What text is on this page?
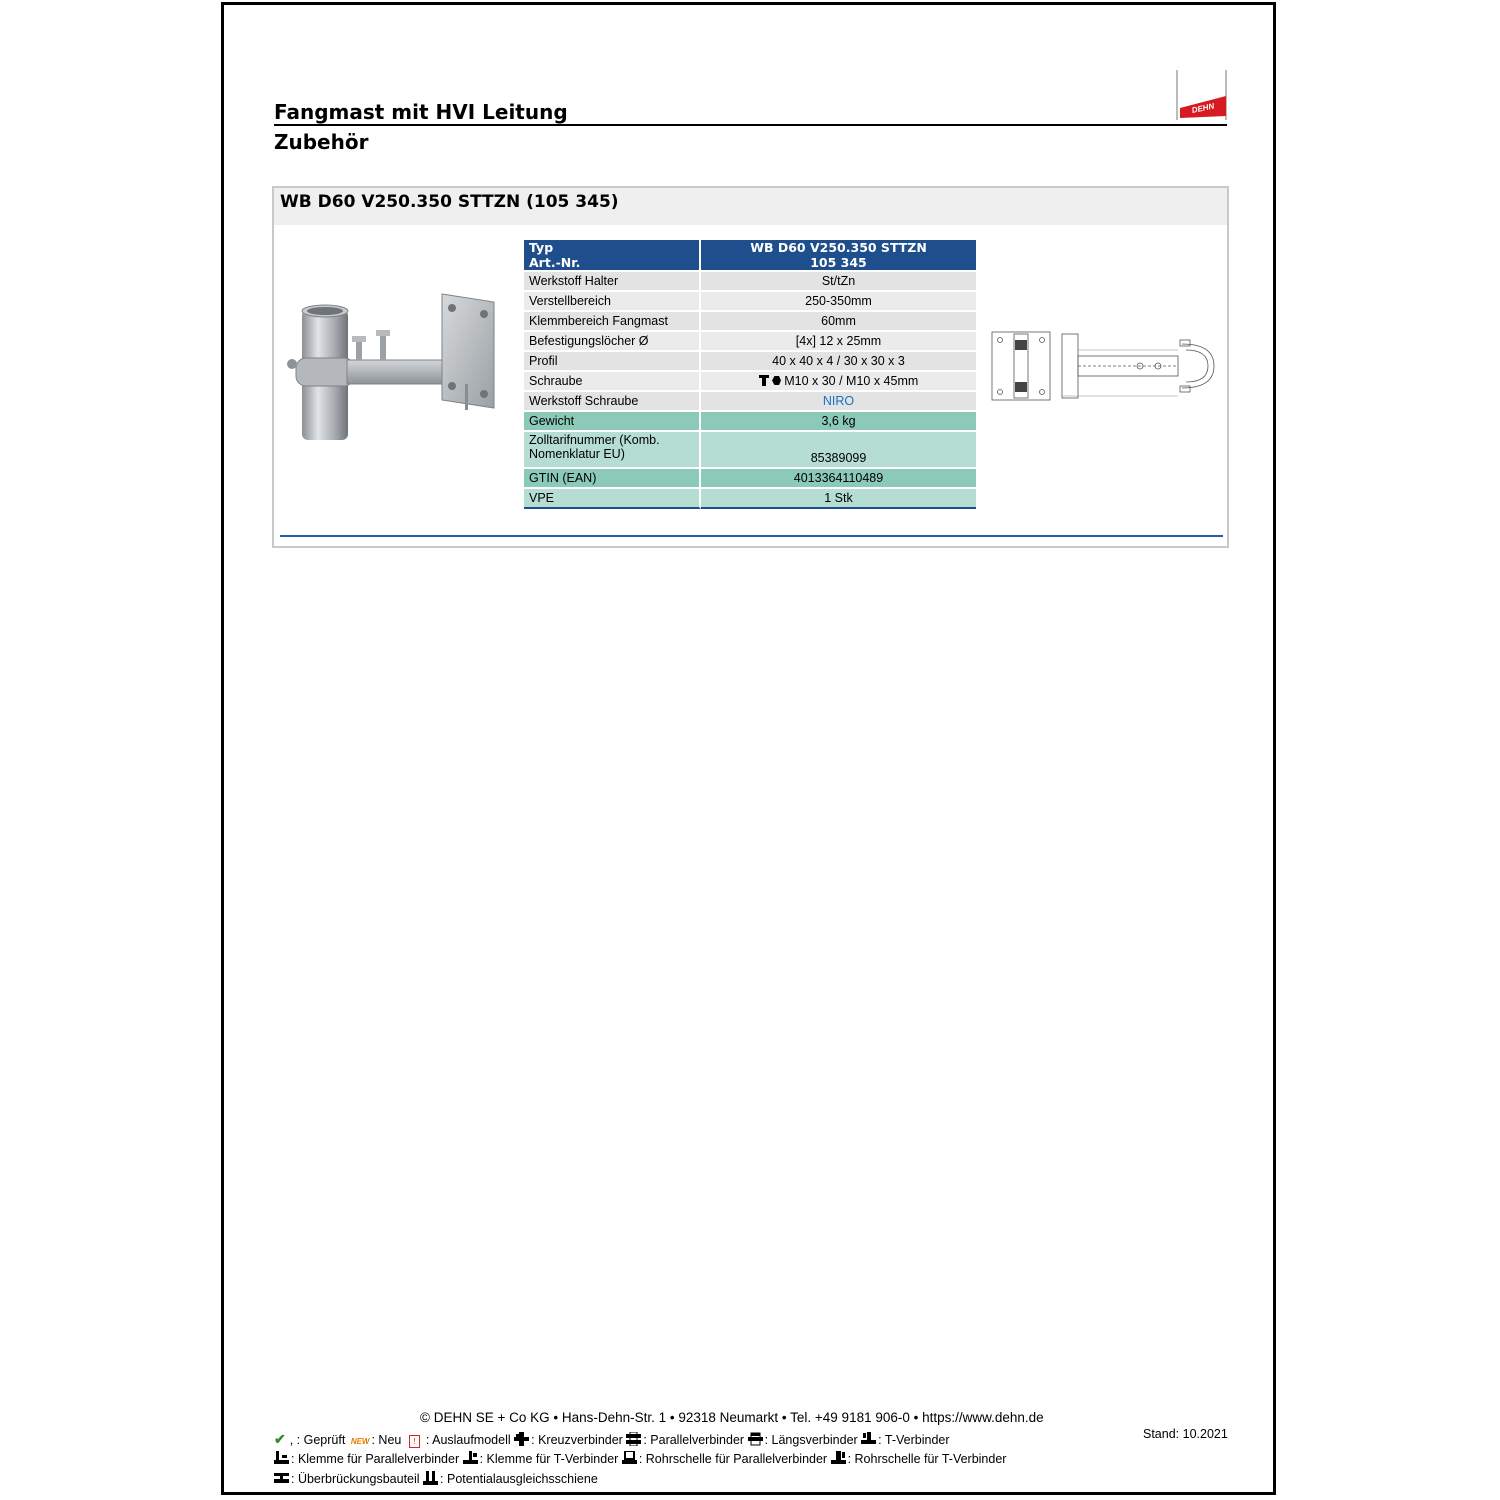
Fangmast mit HVI Leitung
Zubehör
DEHN
WB D60 V250.350 STTZN (105 345)
Typ	WB D60 V250.350 STTZN
Art.-Nr.	105 345
Werkstoff Halter	St/tZn
Verstellbereich	250-350mm
Klemmbereich Fangmast	60mm
Befestigungslöcher Ø	[4x] 12 x 25mm
Profil	40 x 40 x 4 / 30 x 30 x 3
Schraube	M10 x 30 / M10 x 45mm
Werkstoff Schraube	NIRO
Gewicht	3,6 kg
Zolltarifnummer (Komb. Nomenklatur EU)	85389099
GTIN (EAN)	4013364110489
VPE	1 Stk
© DEHN SE + Co KG • Hans-Dehn-Str. 1 • 92318 Neumarkt • Tel. +49 9181 906-0 • https://www.dehn.de
Stand: 10.2021
✔ , : Geprüft NEW : Neu ! : Auslaufmodell : Kreuzverbinder : Parallelverbinder : Längsverbinder : T-Verbinder
: Klemme für Parallelverbinder : Klemme für T-Verbinder : Rohrschelle für Parallelverbinder : Rohrschelle für T-Verbinder
: Überbrückungsbauteil : Potentialausgleichsschiene
